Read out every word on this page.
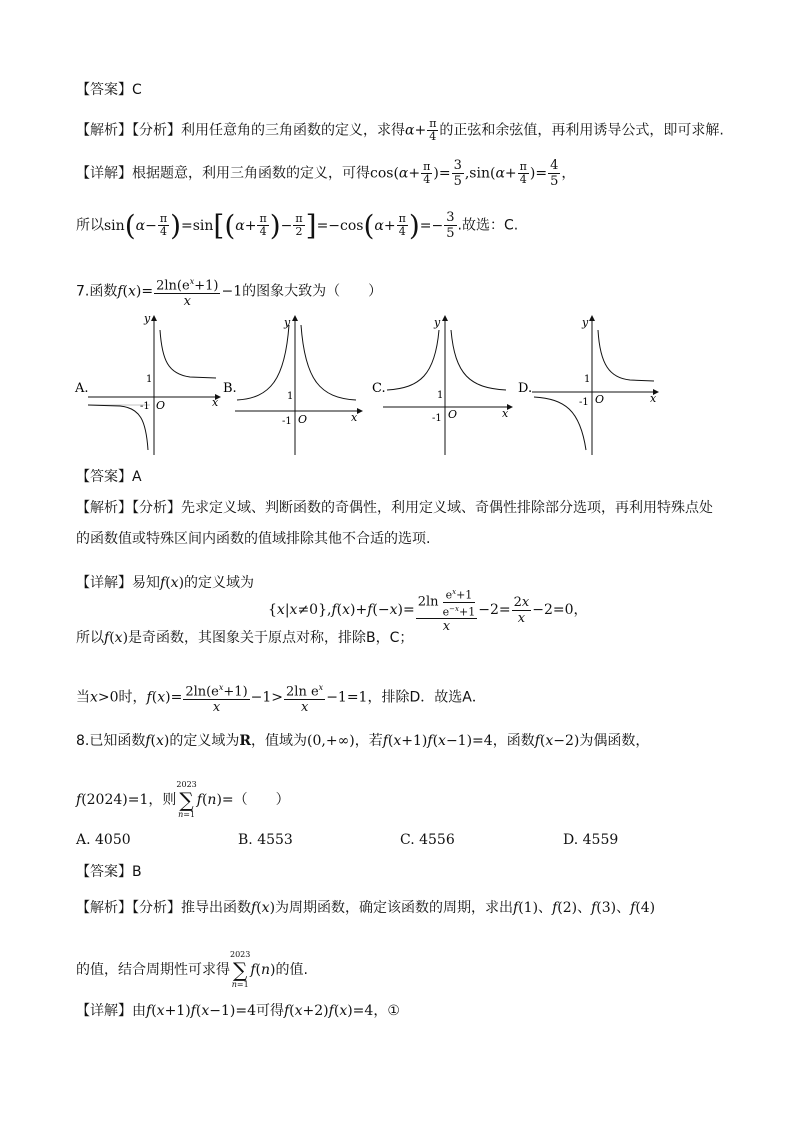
【答案】C
【解析】【分析】利用任意角的三角函数的定义，求得$\alpha+ \frac{\pi}{4}$ 的正弦和余弦值，再利用诱导公式，即可求解.
【详解】根据题意，利用三角函数的定义，可得$\cos(\alpha+ \frac{\pi}{4}$ )= $\frac{3}{5} ,\sin(\alpha+ \frac{\pi}{4}$ )= $\frac{4}{5}$ ，
所以$\sin(\alpha- \frac{\pi}{4} )=\sin[(\alpha+ \frac{\pi}{4}$ )− $\frac{\pi}{2} ]=-\cos(\alpha+ \frac{\pi}{4}$ )=− $\frac{3}{5}$ .故选：C.
7.函数$f(x)= \frac{2\ln(e^x+1)}{x} -1$的图象大致为（　　）
A.
y
x
O
1
-1
B.
y
x
O
1
-1
C.
y
x
O
1
-1
D.
y
x
O
1
-1
【答案】A
【解析】【分析】先求定义域、判断函数的奇偶性，利用定义域、奇偶性排除部分选项，再利用特殊点处
的函数值或特殊区间内函数的值域排除其他不合适的选项.
【详解】易知f(x)的定义域为
$\{x|x\ne 0\},f(x)+f(-x)= \frac{2\ln \frac{e^x+1}{e^{-x}+1}}{x} -2= \frac{2x}{x} -2=0$，
所以f(x)是奇函数，其图象关于原点对称，排除B，C；
当x>0时，$f(x)= \frac{2\ln(e^x+1)}{x} -1> \frac{2\ln e^x}{x} -1=1$，排除D．故选A．
8.已知函数f(x)的定义域为R，值域为(0,+∞)，若f(x+1)f(x−1)=4，函数f(x−2)为偶函数，
f(2024)=1，则
2023
∑
n=1
f(n)=（　　）
A. 4050	B. 4553	C. 4556	D. 4559
【答案】B
【解析】【分析】推导出函数f(x)为周期函数，确定该函数的周期，求出f(1)、f(2)、f(3)、f(4)
的值，结合周期性可求得
2023
∑
n=1
f(n)的值.
【详解】由f(x+1)f(x−1)=4可得f(x+2)f(x)=4，①
